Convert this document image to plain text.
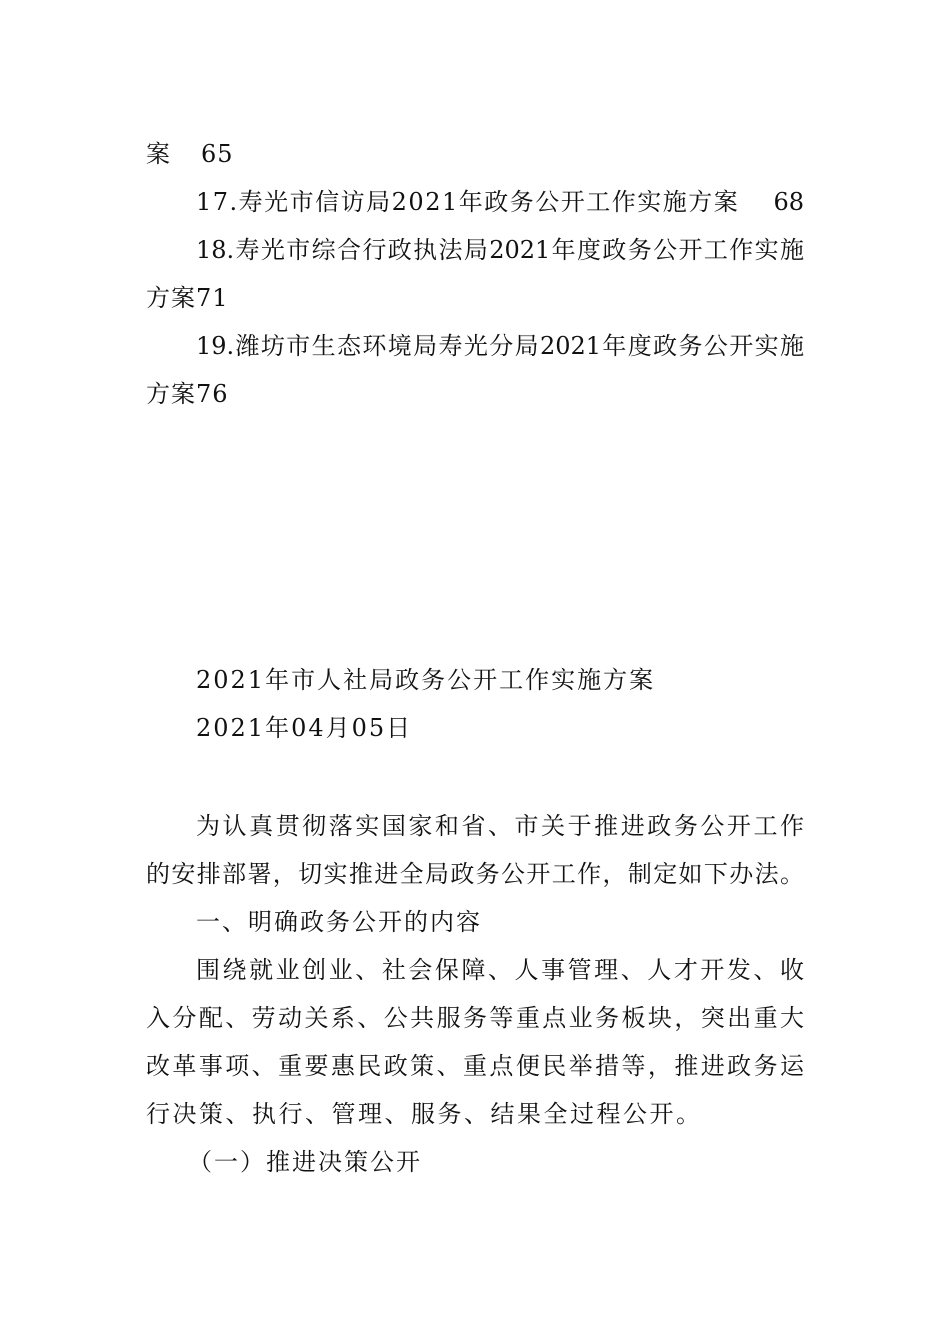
案 65
17.寿光市信访局2021年政务公开工作实施方案 68
18.寿光市综合行政执法局2021年度政务公开工作实施
方案71
19.潍坊市生态环境局寿光分局2021年度政务公开实施
方案76
2021年市人社局政务公开工作实施方案
2021年04月05日
为认真贯彻落实国家和省、市关于推进政务公开工作
的安排部署，切实推进全局政务公开工作，制定如下办法。
一、明确政务公开的内容
围绕就业创业、社会保障、人事管理、人才开发、收
入分配、劳动关系、公共服务等重点业务板块，突出重大
改革事项、重要惠民政策、重点便民举措等，推进政务运
行决策、执行、管理、服务、结果全过程公开。
（一）推进决策公开
